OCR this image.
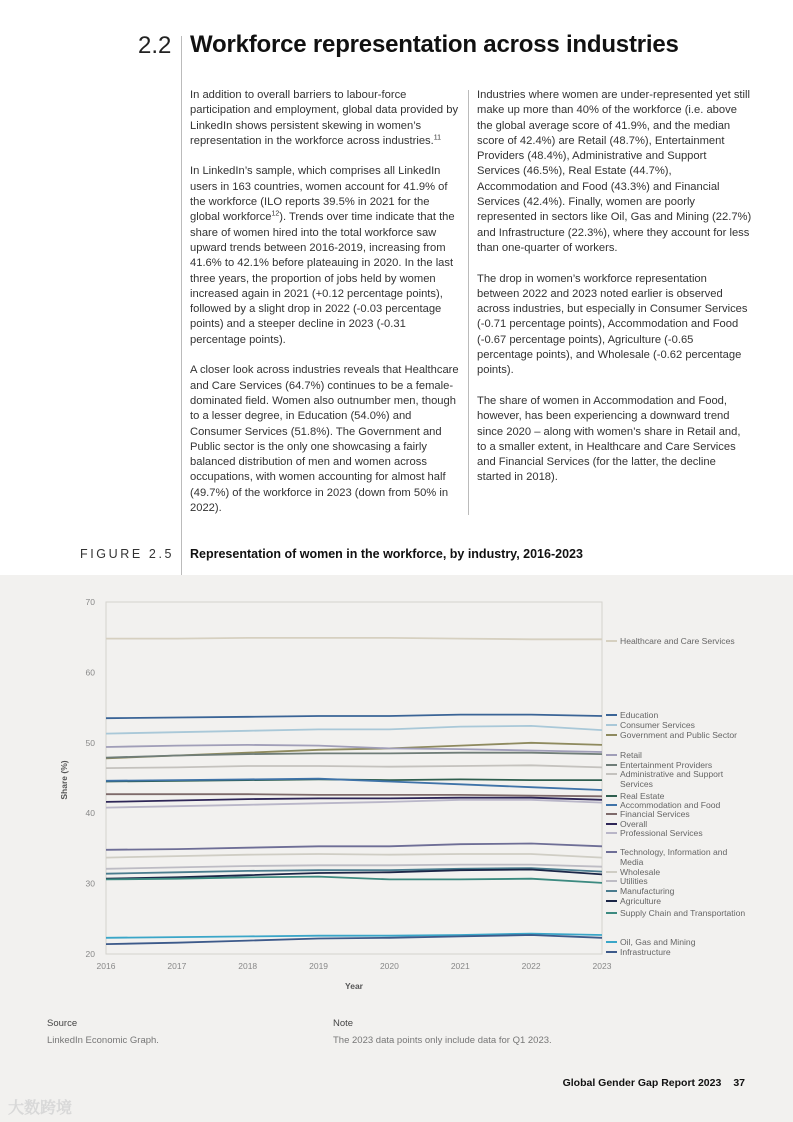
2.2 Workforce representation across industries

In addition to overall barriers to labour-force participation and employment, global data provided by LinkedIn shows persistent skewing in women’s representation in the workforce across industries.$^{11}$

In LinkedIn’s sample, which comprises all LinkedIn users in 163 countries, women account for 41.9% of the workforce (ILO reports 39.5% in 2021 for the global workforce$^{12}$). Trends over time indicate that the share of women hired into the total workforce saw upward trends between 2016-2019, increasing from 41.6% to 42.1% before plateauing in 2020. In the last three years, the proportion of jobs held by women increased again in 2021 (+0.12 percentage points), followed by a slight drop in 2022 (-0.03 percentage points) and a steeper decline in 2023 (-0.31 percentage points).

A closer look across industries reveals that Healthcare and Care Services (64.7%) continues to be a female-dominated field. Women also outnumber men, though to a lesser degree, in Education (54.0%) and Consumer Services (51.8%). The Government and Public sector is the only one showcasing a fairly balanced distribution of men and women across occupations, with women accounting for almost half (49.7%) of the workforce in 2023 (down from 50% in 2022).

Industries where women are under-represented yet still make up more than 40% of the workforce (i.e. above the global average score of 41.9%, and the median score of 42.4%) are Retail (48.7%), Entertainment Providers (48.4%), Administrative and Support Services (46.5%), Real Estate (44.7%), Accommodation and Food (43.3%) and Financial Services (42.4%). Finally, women are poorly represented in sectors like Oil, Gas and Mining (22.7%) and Infrastructure (22.3%), where they account for less than one-quarter of workers.

The drop in women’s workforce representation between 2022 and 2023 noted earlier is observed across industries, but especially in Consumer Services (-0.71 percentage points), Accommodation and Food (-0.67 percentage points), Agriculture (-0.65 percentage points), and Wholesale (-0.62 percentage points).

The share of women in Accommodation and Food, however, has been experiencing a downward trend since 2020 – along with women’s share in Retail and, to a smaller extent, in Healthcare and Care Services and Financial Services (for the latter, the decline started in 2018).

FIGURE 2.5 Representation of women in the workforce, by industry, 2016-2023
20
30
40
50
60
70
2016	2017	2018	2019	2020	2021	2022	2023
Share (%)
Year
Healthcare and Care Services
Education
Consumer Services
Government and Public Sector
Retail
Entertainment Providers
Administrative and Support Services
Real Estate
Accommodation and Food
Financial Services
Overall
Professional Services
Technology, Information and Media
Wholesale
Utilities
Manufacturing
Agriculture
Supply Chain and Transportation
Oil, Gas and Mining
Infrastructure
Source
LinkedIn Economic Graph.
Note
The 2023 data points only include data for Q1 2023.
Global Gender Gap Report 2023 37
大数跨境
